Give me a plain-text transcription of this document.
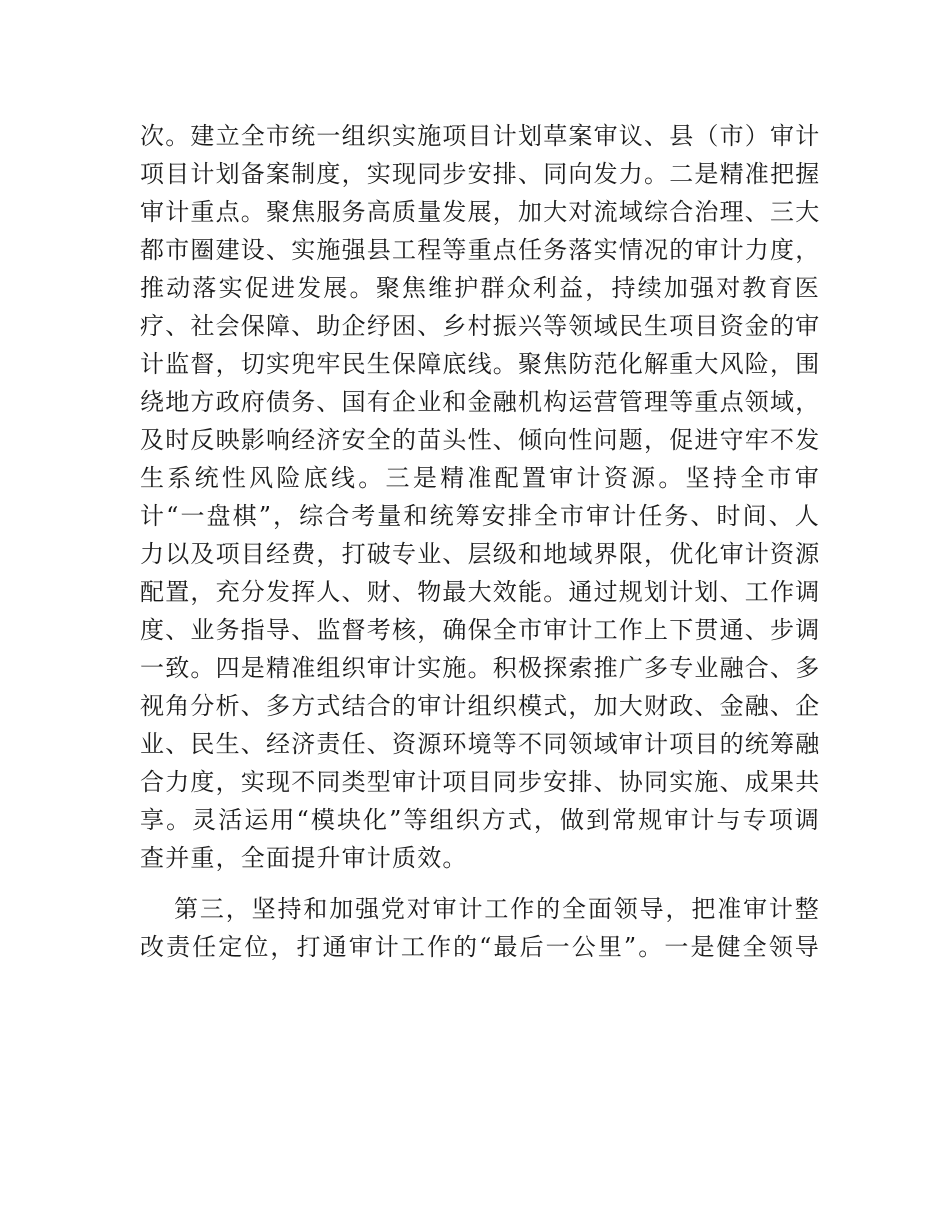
次。建立全市统一组织实施项目计划草案审议、县（市）审计
项目计划备案制度，实现同步安排、同向发力。二是精准把握
审计重点。聚焦服务高质量发展，加大对流域综合治理、三大
都市圈建设、实施强县工程等重点任务落实情况的审计力度，
推动落实促进发展。聚焦维护群众利益，持续加强对教育医
疗、社会保障、助企纾困、乡村振兴等领域民生项目资金的审
计监督，切实兜牢民生保障底线。聚焦防范化解重大风险，围
绕地方政府债务、国有企业和金融机构运营管理等重点领域，
及时反映影响经济安全的苗头性、倾向性问题，促进守牢不发
生系统性风险底线。三是精准配置审计资源。坚持全市审
计“一盘棋”，综合考量和统筹安排全市审计任务、时间、人
力以及项目经费，打破专业、层级和地域界限，优化审计资源
配置，充分发挥人、财、物最大效能。通过规划计划、工作调
度、业务指导、监督考核，确保全市审计工作上下贯通、步调
一致。四是精准组织审计实施。积极探索推广多专业融合、多
视角分析、多方式结合的审计组织模式，加大财政、金融、企
业、民生、经济责任、资源环境等不同领域审计项目的统筹融
合力度，实现不同类型审计项目同步安排、协同实施、成果共
享。灵活运用“模块化”等组织方式，做到常规审计与专项调
查并重，全面提升审计质效。
第三，坚持和加强党对审计工作的全面领导，把准审计整
改责任定位，打通审计工作的“最后一公里”。一是健全领导
